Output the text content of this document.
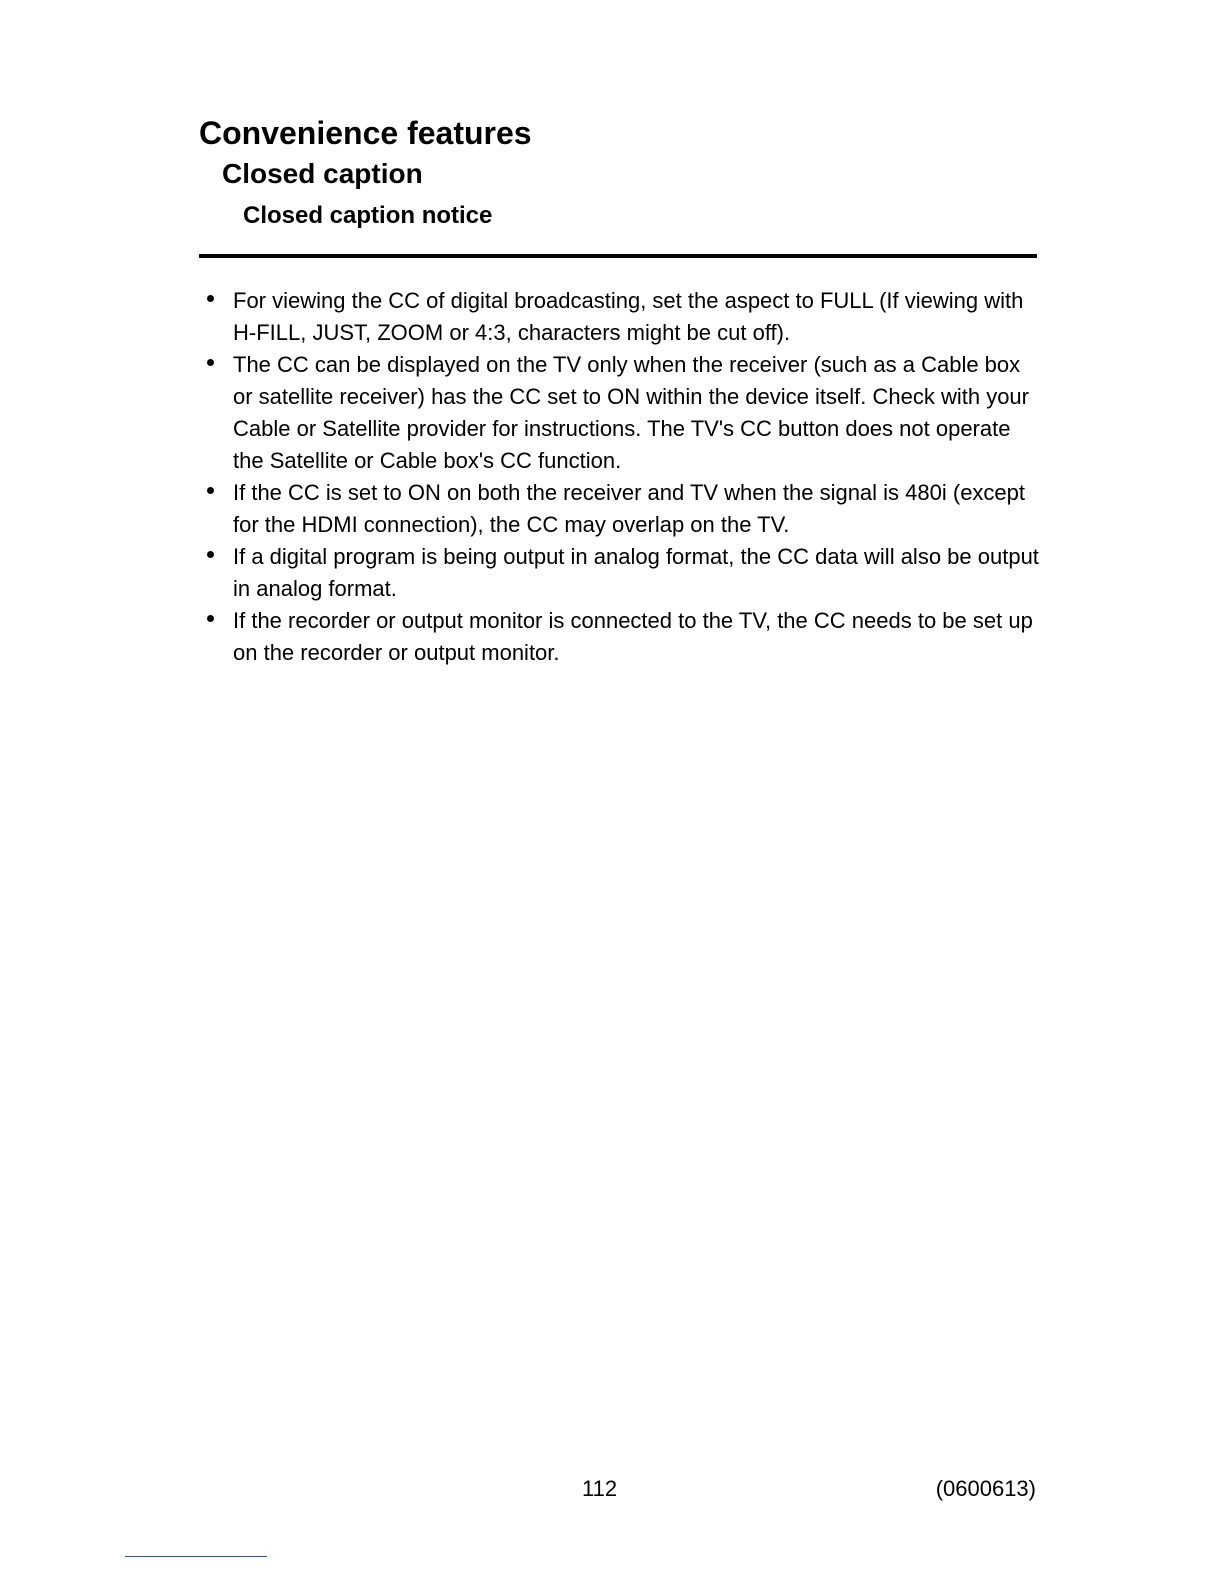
Convenience features
Closed caption
Closed caption notice
For viewing the CC of digital broadcasting, set the aspect to FULL (If viewing with H-FILL, JUST, ZOOM or 4:3, characters might be cut off).
The CC can be displayed on the TV only when the receiver (such as a Cable box or satellite receiver) has the CC set to ON within the device itself. Check with your Cable or Satellite provider for instructions. The TV's CC button does not operate the Satellite or Cable box's CC function.
If the CC is set to ON on both the receiver and TV when the signal is 480i (except for the HDMI connection), the CC may overlap on the TV.
If a digital program is being output in analog format, the CC data will also be output in analog format.
If the recorder or output monitor is connected to the TV, the CC needs to be set up on the recorder or output monitor.
112	(0600613)
